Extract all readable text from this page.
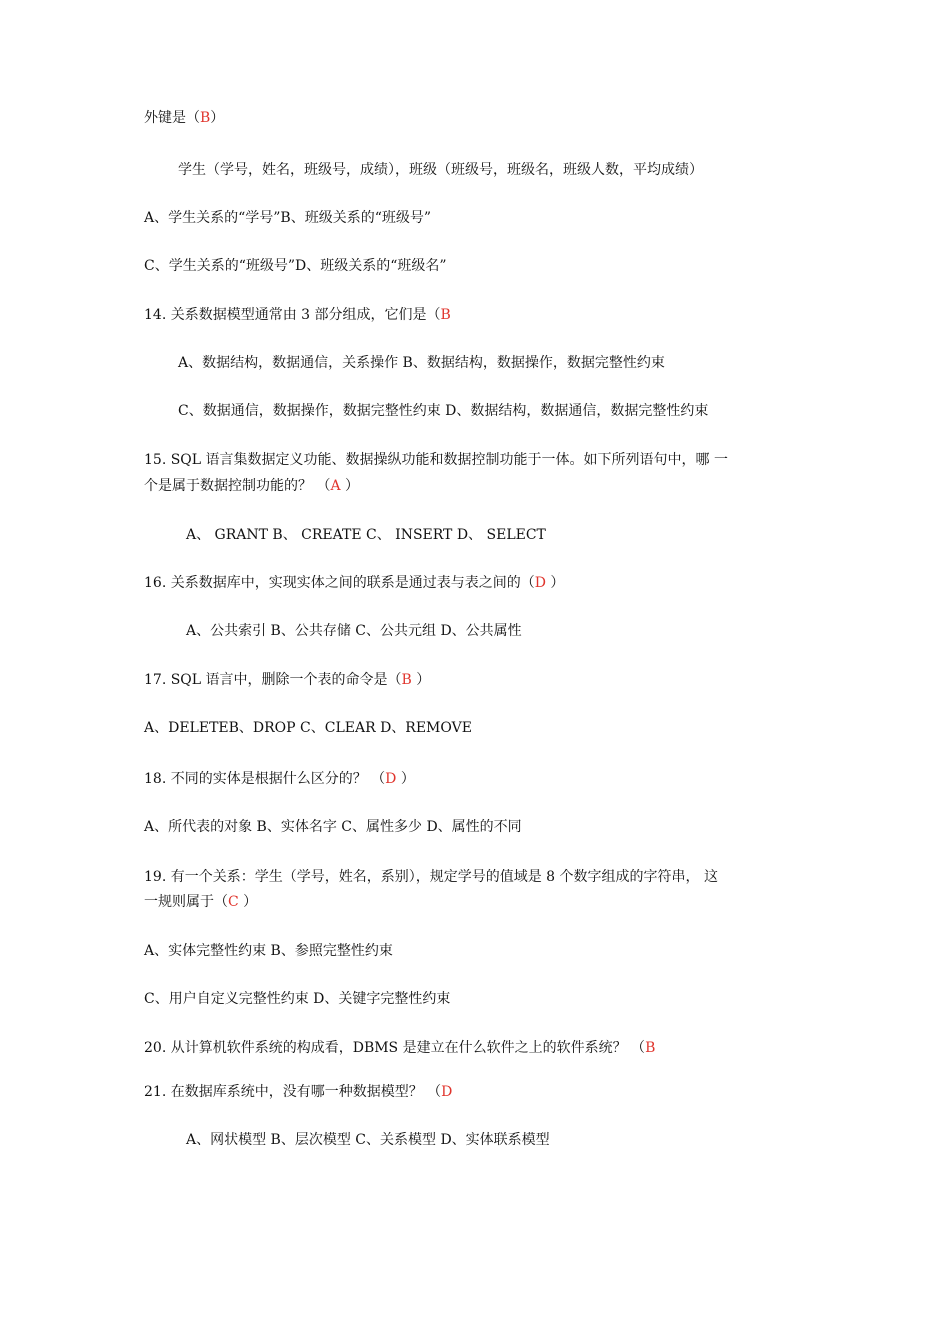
外键是（B）
学生（学号，姓名，班级号，成绩），班级（班级号，班级名，班级人数，平均成绩）
A、学生关系的“学号”B、班级关系的“班级号”
C、学生关系的“班级号”D、班级关系的“班级名”
14. 关系数据模型通常由 3 部分组成，它们是（B
A、数据结构，数据通信，关系操作 B、数据结构，数据操作，数据完整性约束
C、数据通信，数据操作，数据完整性约束 D、数据结构，数据通信，数据完整性约束
15. SQL 语言集数据定义功能、数据操纵功能和数据控制功能于一体。如下所列语句中，哪 一
个是属于数据控制功能的？ （A ）
A、 GRANT B、 CREATE C、 INSERT D、 SELECT
16. 关系数据库中，实现实体之间的联系是通过表与表之间的（D ）
A、公共索引 B、公共存储 C、公共元组 D、公共属性
17. SQL 语言中，删除一个表的命令是（B ）
A、DELETEB、DROP C、CLEAR D、REMOVE
18. 不同的实体是根据什么区分的？ （D ）
A、所代表的对象 B、实体名字 C、属性多少 D、属性的不同
19. 有一个关系：学生（学号，姓名，系别），规定学号的值域是 8 个数字组成的字符串， 这
一规则属于（C ）
A、实体完整性约束 B、参照完整性约束
C、用户自定义完整性约束 D、关键字完整性约束
20. 从计算机软件系统的构成看，DBMS 是建立在什么软件之上的软件系统？ （B
21. 在数据库系统中，没有哪一种数据模型？ （D
A、网状模型 B、层次模型 C、关系模型 D、实体联系模型
